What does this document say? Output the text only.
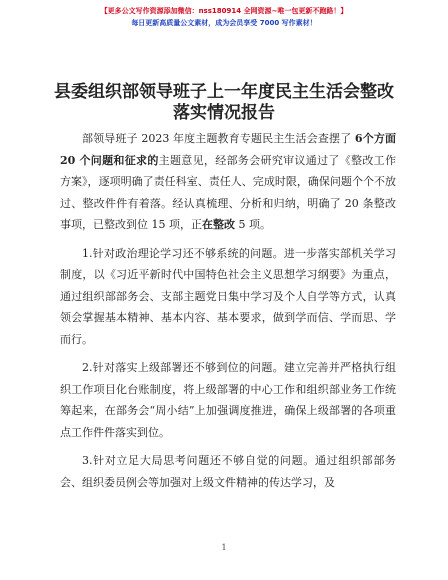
【更多公文写作资源添加微信：nss180914 全网资源~唯一包更新不跑路！】
每日更新高质量公文素材，成为会员享受 7000 写作素材！
县委组织部领导班子上一年度民主生活会整改
落实情况报告

部领导班子 2023 年度主题教育专题民主生活会查摆了 6个方面 20 个问题和征求的主题意见，经部务会研究审议通过了《整改工作方案》，逐项明确了责任科室、责任人、完成时限，确保问题个个不放过、整改件件有着落。经认真梳理、分析和归纳，明确了 20 条整改事项，已整改到位 15 项，正在整改 5 项。

1.针对政治理论学习还不够系统的问题。进一步落实部机关学习制度，以《习近平新时代中国特色社会主义思想学习纲要》为重点，通过组织部部务会、支部主题党日集中学习及个人自学等方式，认真领会掌握基本精神、基本内容、基本要求，做到学而信、学而思、学而行。

2.针对落实上级部署还不够到位的问题。建立完善并严格执行组织工作项目化台账制度，将上级部署的中心工作和组织部业务工作统筹起来，在部务会“周小结”上加强调度推进，确保上级部署的各项重点工作件件落实到位。

3.针对立足大局思考问题还不够自觉的问题。通过组织部部务会、组织委员例会等加强对上级文件精神的传达学习，及

1
